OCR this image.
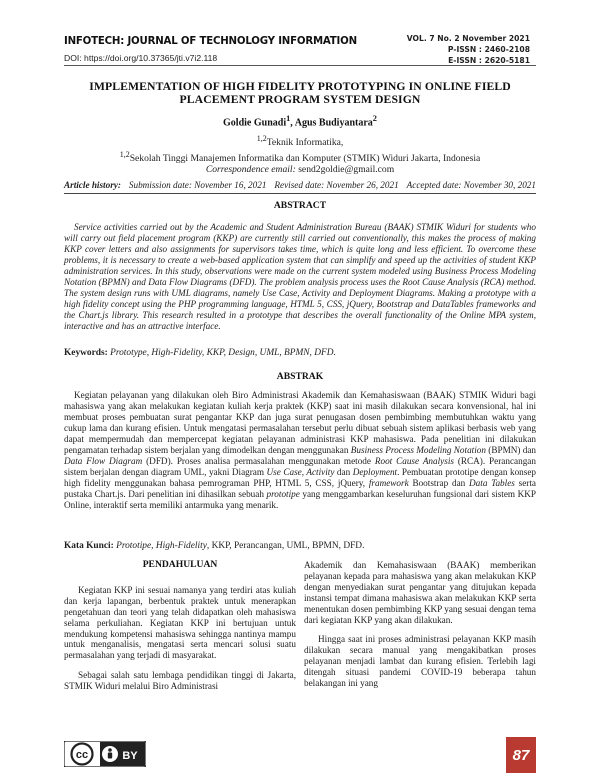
INFOTECH: JOURNAL OF TECHNOLOGY INFORMATION
DOI: https://doi.org/10.37365/jti.v7i2.118
VOL. 7 No. 2 November 2021
P-ISSN : 2460-2108
E-ISSN : 2620-5181
IMPLEMENTATION OF HIGH FIDELITY PROTOTYPING IN ONLINE FIELD
PLACEMENT PROGRAM SYSTEM DESIGN
Goldie Gunadi$^1$, Agus Budiyantara$^2$
$^{1,2}$Teknik Informatika,
$^{1,2}$Sekolah Tinggi Manajemen Informatika dan Komputer (STMIK) Widuri Jakarta, Indonesia
Correspondence email: send2goldie@gmail.com
Article history: Submission date: November 16, 2021 Revised date: November 26, 2021 Accepted date: November 30, 2021
ABSTRACT

Service activities carried out by the Academic and Student Administration Bureau (BAAK) STMIK Widuri for students who will carry out field placement program (KKP) are currently still carried out conventionally, this makes the process of making KKP cover letters and also assignments for supervisors takes time, which is quite long and less efficient. To overcome these problems, it is necessary to create a web-based application system that can simplify and speed up the activities of student KKP administration services. In this study, observations were made on the current system modeled using Business Process Modeling Notation (BPMN) and Data Flow Diagrams (DFD). The problem analysis process uses the Root Cause Analysis (RCA) method. The system design runs with UML diagrams, namely Use Case, Activity and Deployment Diagrams. Making a prototype with a high fidelity concept using the PHP programming language, HTML 5, CSS, jQuery, Bootstrap and DataTables frameworks and the Chart.js library. This research resulted in a prototype that describes the overall functionality of the Online MPA system, interactive and has an attractive interface.

Keywords: Prototype, High-Fidelity, KKP, Design, UML, BPMN, DFD.
ABSTRAK

Kegiatan pelayanan yang dilakukan oleh Biro Administrasi Akademik dan Kemahasiswaan (BAAK) STMIK Widuri bagi mahasiswa yang akan melakukan kegiatan kuliah kerja praktek (KKP) saat ini masih dilakukan secara konvensional, hal ini membuat proses pembuatan surat pengantar KKP dan juga surat penugasan dosen pembimbing membutuhkan waktu yang cukup lama dan kurang efisien. Untuk mengatasi permasalahan tersebut perlu dibuat sebuah sistem aplikasi berbasis web yang dapat mempermudah dan mempercepat kegiatan pelayanan administrasi KKP mahasiswa. Pada penelitian ini dilakukan pengamatan terhadap sistem berjalan yang dimodelkan dengan menggunakan Business Process Modeling Notation (BPMN) dan Data Flow Diagram (DFD). Proses analisa permasalahan menggunakan metode Root Cause Analysis (RCA). Perancangan sistem berjalan dengan diagram UML, yakni Diagram Use Case, Activity dan Deployment. Pembuatan prototipe dengan konsep high fidelity menggunakan bahasa pemrograman PHP, HTML 5, CSS, jQuery, framework Bootstrap dan Data Tables serta pustaka Chart.js. Dari penelitian ini dihasilkan sebuah prototipe yang menggambarkan keseluruhan fungsional dari sistem KKP Online, interaktif serta memiliki antarmuka yang menarik.

Kata Kunci: Prototipe, High-Fidelity, KKP, Perancangan, UML, BPMN, DFD.
PENDAHULUAN

Kegiatan KKP ini sesuai namanya yang terdiri atas kuliah dan kerja lapangan, berbentuk praktek untuk menerapkan pengetahuan dan teori yang telah didapatkan oleh mahasiswa selama perkuliahan. Kegiatan KKP ini bertujuan untuk mendukung kompetensi mahasiswa sehingga nantinya mampu untuk menganalisis, mengatasi serta mencari solusi suatu permasalahan yang terjadi di masyarakat.

Sebagai salah satu lembaga pendidikan tinggi di Jakarta, STMIK Widuri melalui Biro Administrasi

Akademik dan Kemahasiswaan (BAAK) memberikan pelayanan kepada para mahasiswa yang akan melakukan KKP dengan menyediakan surat pengantar yang ditujukan kepada instansi tempat dimana mahasiswa akan melakukan KKP serta menentukan dosen pembimbing KKP yang sesuai dengan tema dari kegiatan KKP yang akan dilakukan.

Hingga saat ini proses administrasi pelayanan KKP masih dilakukan secara manual yang mengakibatkan proses pelayanan menjadi lambat dan kurang efisien. Terlebih lagi ditengah situasi pandemi COVID-19 beberapa tahun belakangan ini yang

cc	BY	87
